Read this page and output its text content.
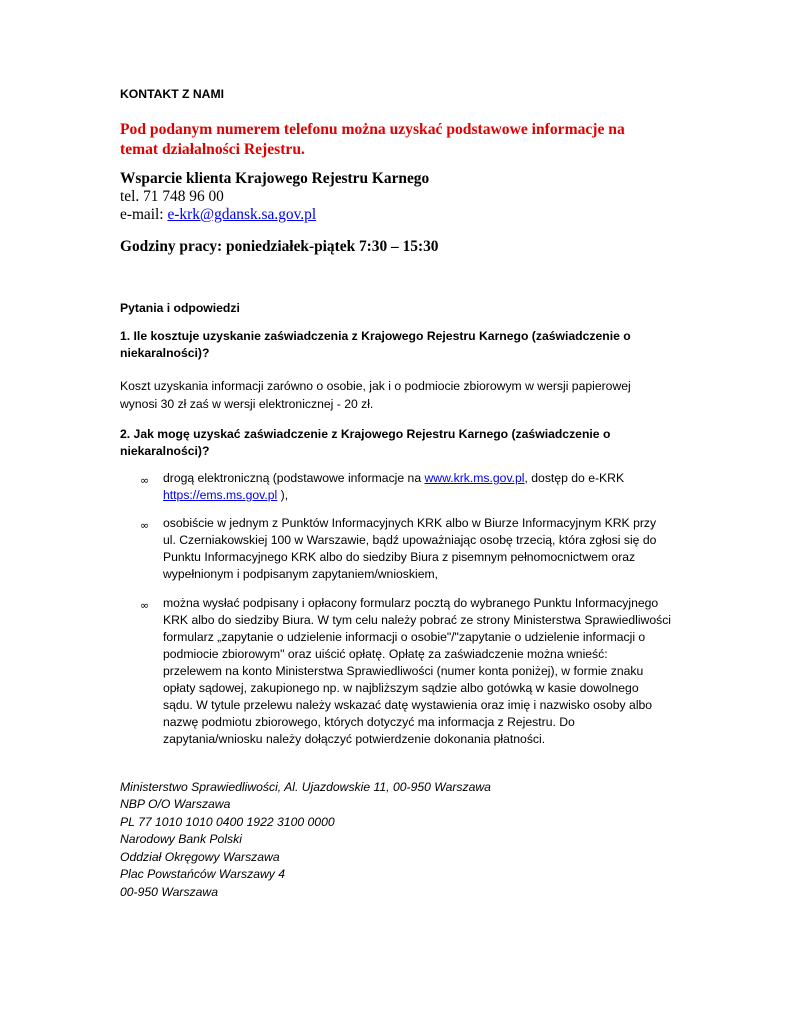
KONTAKT Z NAMI
Pod podanym numerem telefonu można uzyskać podstawowe informacje na
temat działalności Rejestru.
Wsparcie klienta Krajowego Rejestru Karnego
tel. 71 748 96 00
e-mail: e-krk@gdansk.sa.gov.pl
Godziny pracy: poniedziałek-piątek 7:30 – 15:30
Pytania i odpowiedzi
1. Ile kosztuje uzyskanie zaświadczenia z Krajowego Rejestru Karnego (zaświadczenie o
niekaralności)?
Koszt uzyskania informacji zarówno o osobie, jak i o podmiocie zbiorowym w wersji papierowej
wynosi 30 zł zaś w wersji elektronicznej - 20 zł.
2. Jak mogę uzyskać zaświadczenie z Krajowego Rejestru Karnego (zaświadczenie o
niekaralności)?
∞ drogą elektroniczną (podstawowe informacje na www.krk.ms.gov.pl, dostęp do e-KRK
https://ems.ms.gov.pl ),
∞ osobiście w jednym z Punktów Informacyjnych KRK albo w Biurze Informacyjnym KRK przy
ul. Czerniakowskiej 100 w Warszawie, bądź upoważniając osobę trzecią, która zgłosi się do
Punktu Informacyjnego KRK albo do siedziby Biura z pisemnym pełnomocnictwem oraz
wypełnionym i podpisanym zapytaniem/wnioskiem,
∞ można wysłać podpisany i opłacony formularz pocztą do wybranego Punktu Informacyjnego
KRK albo do siedziby Biura. W tym celu należy pobrać ze strony Ministerstwa Sprawiedliwości
formularz „zapytanie o udzielenie informacji o osobie"/"zapytanie o udzielenie informacji o
podmiocie zbiorowym" oraz uiścić opłatę. Opłatę za zaświadczenie można wnieść:
przelewem na konto Ministerstwa Sprawiedliwości (numer konta poniżej), w formie znaku
opłaty sądowej, zakupionego np. w najbliższym sądzie albo gotówką w kasie dowolnego
sądu. W tytule przelewu należy wskazać datę wystawienia oraz imię i nazwisko osoby albo
nazwę podmiotu zbiorowego, których dotyczyć ma informacja z Rejestru. Do
zapytania/wniosku należy dołączyć potwierdzenie dokonania płatności.
Ministerstwo Sprawiedliwości, Al. Ujazdowskie 11, 00-950 Warszawa
NBP O/O Warszawa
PL 77 1010 1010 0400 1922 3100 0000
Narodowy Bank Polski
Oddział Okręgowy Warszawa
Plac Powstańców Warszawy 4
00-950 Warszawa
